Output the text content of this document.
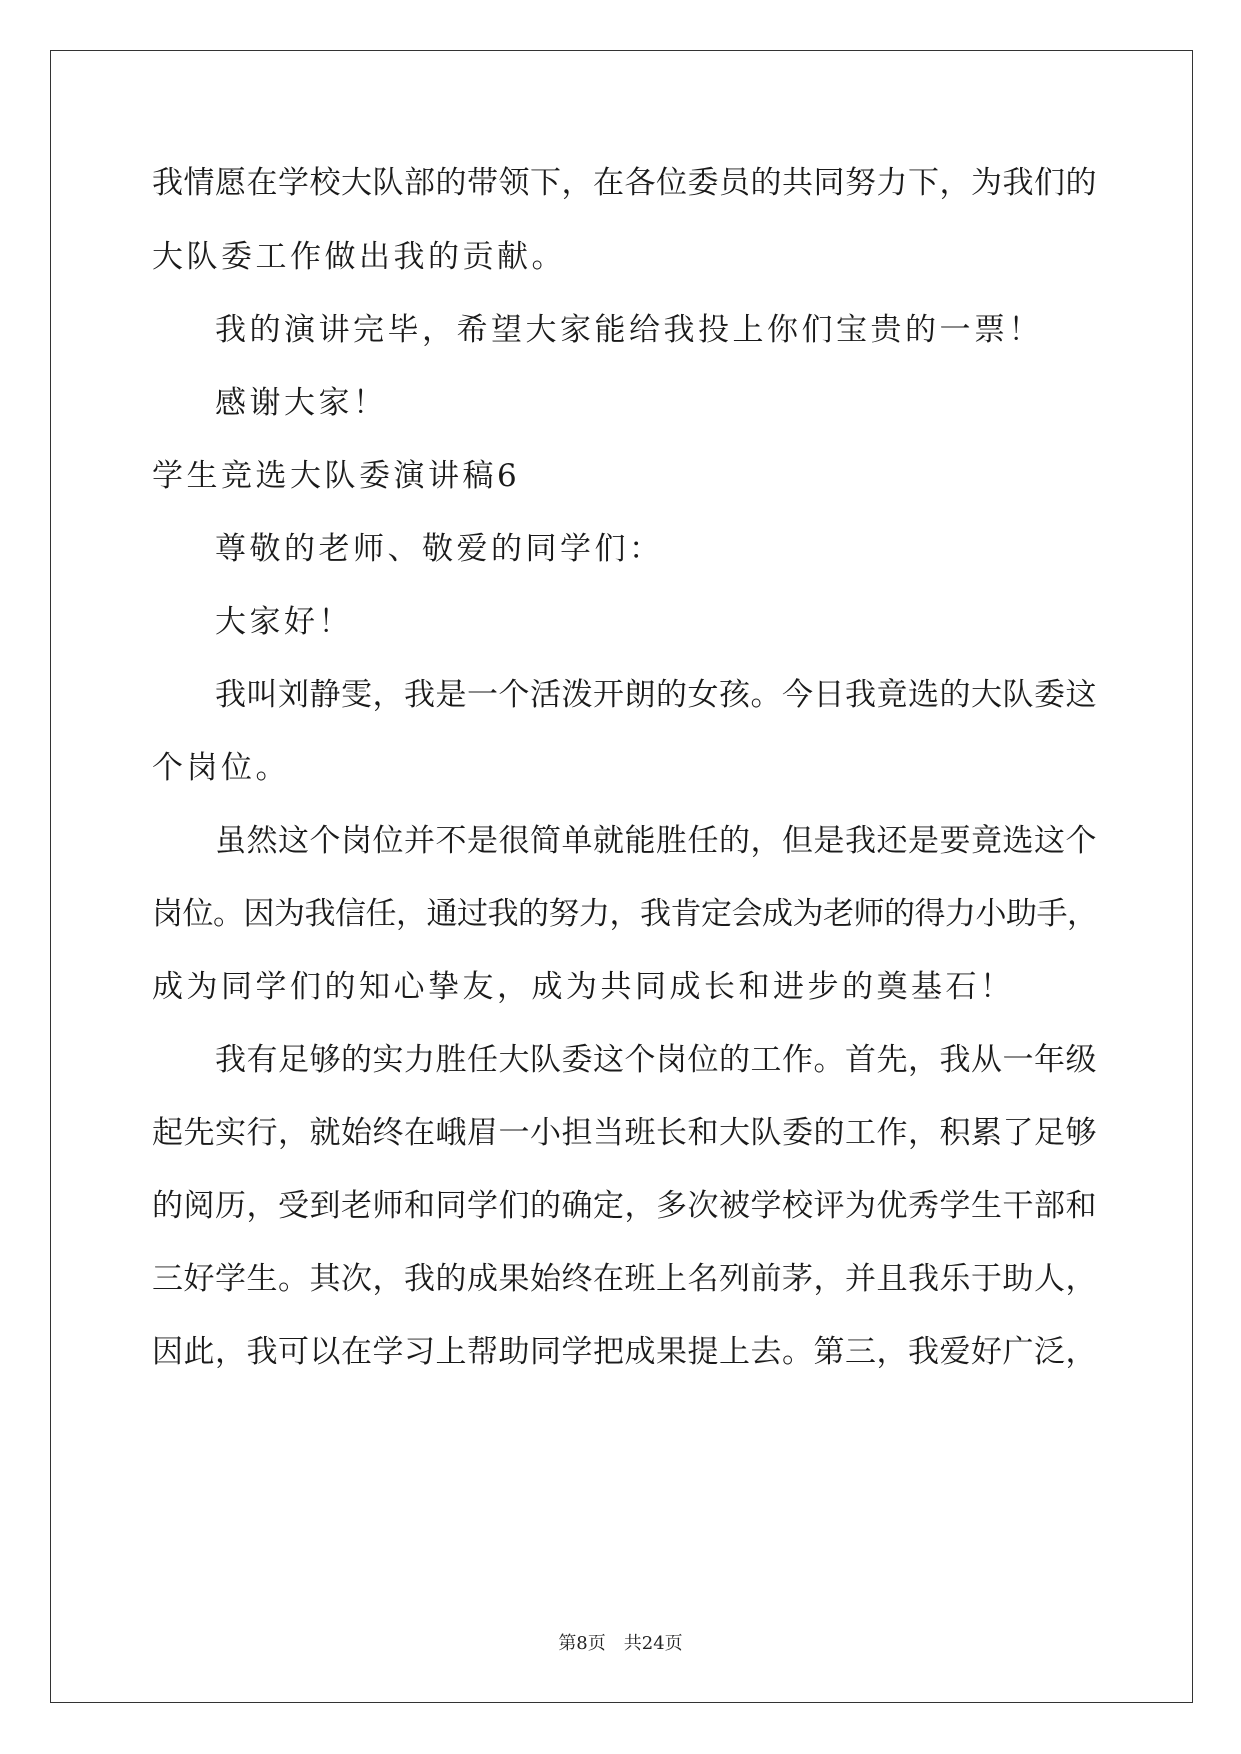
我情愿在学校大队部的带领下，在各位委员的共同努力下，为我们的
大队委工作做出我的贡献。
我的演讲完毕，希望大家能给我投上你们宝贵的一票！
感谢大家！
学生竞选大队委演讲稿6
尊敬的老师、敬爱的同学们：
大家好！
我叫刘静雯，我是一个活泼开朗的女孩。今日我竟选的大队委这
个岗位。
虽然这个岗位并不是很简单就能胜任的，但是我还是要竟选这个
岗位。因为我信任，通过我的努力，我肯定会成为老师的得力小助手，
成为同学们的知心挚友，成为共同成长和进步的奠基石！
我有足够的实力胜任大队委这个岗位的工作。首先，我从一年级
起先实行，就始终在峨眉一小担当班长和大队委的工作，积累了足够
的阅历，受到老师和同学们的确定，多次被学校评为优秀学生干部和
三好学生。其次，我的成果始终在班上名列前茅，并且我乐于助人，
因此，我可以在学习上帮助同学把成果提上去。第三，我爱好广泛，
第8页　共24页
